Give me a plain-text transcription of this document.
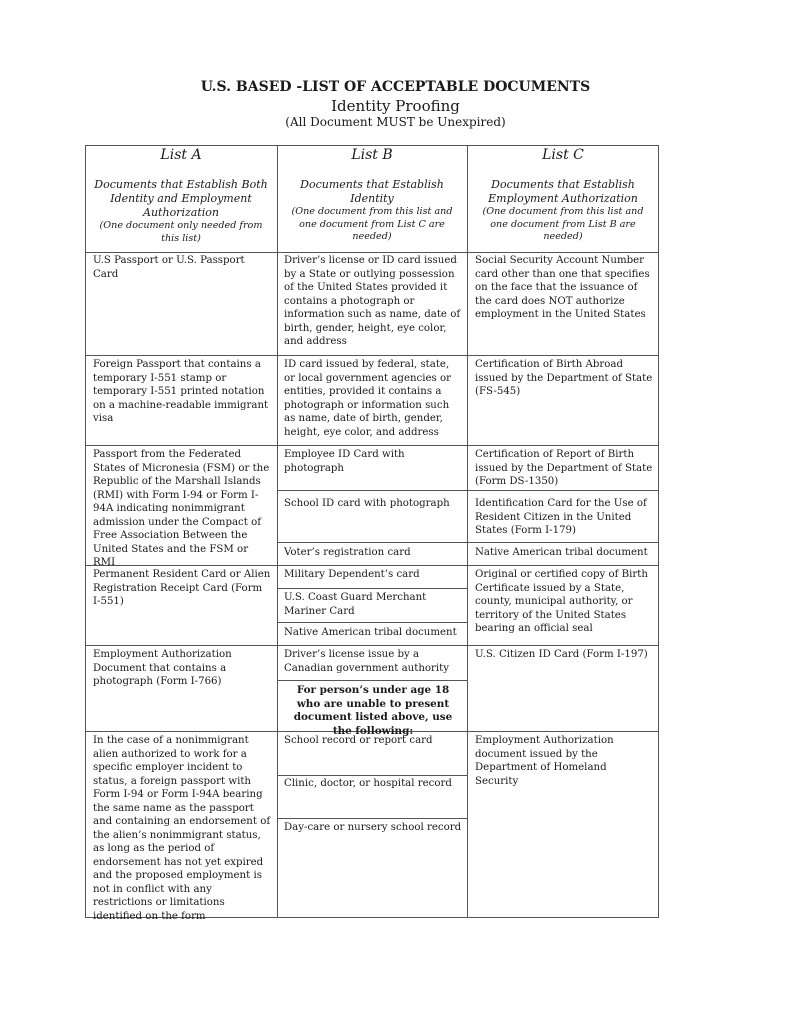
U.S. BASED -LIST OF ACCEPTABLE DOCUMENTS
Identity Proofing
(All Document MUST be Unexpired)
List A
Documents that Establish Both Identity and Employment Authorization
(One document only needed from this list)
List B
Documents that Establish Identity
(One document from this list and one document from List C are needed)
List C
Documents that Establish Employment Authorization
(One document from this list and one document from List B are needed)
U.S Passport or U.S. Passport Card
Foreign Passport that contains a temporary I-551 stamp or temporary I-551 printed notation on a machine-readable immigrant visa
Passport from the Federated States of Micronesia (FSM) or the Republic of the Marshall Islands (RMI) with Form I-94 or Form I-94A indicating nonimmigrant admission under the Compact of Free Association Between the United States and the FSM or RMI
Permanent Resident Card or Alien Registration Receipt Card (Form I-551)
Employment Authorization Document that contains a photograph (Form I-766)
In the case of a nonimmigrant alien authorized to work for a specific employer incident to status, a foreign passport with Form I-94 or Form I-94A bearing the same name as the passport and containing an endorsement of the alien’s nonimmigrant status, as long as the period of endorsement has not yet expired and the proposed employment is not in conflict with any restrictions or limitations identified on the form
Driver’s license or ID card issued by a State or outlying possession of the United States provided it contains a photograph or information such as name, date of birth, gender, height, eye color, and address
ID card issued by federal, state, or local government agencies or entities, provided it contains a photograph or information such as name, date of birth, gender, height, eye color, and address
Employee ID Card with photograph
School ID card with photograph
Voter’s registration card
Military Dependent’s card
U.S. Coast Guard Merchant Mariner Card
Native American tribal document
Driver’s license issue by a Canadian government authority
For person’s under age 18 who are unable to present document listed above, use the following:
School record or report card
Clinic, doctor, or hospital record
Day-care or nursery school record
Social Security Account Number card other than one that specifies on the face that the issuance of the card does NOT authorize employment in the United States
Certification of Birth Abroad issued by the Department of State (FS-545)
Certification of Report of Birth issued by the Department of State (Form DS-1350)
Identification Card for the Use of Resident Citizen in the United States (Form I-179)
Native American tribal document
Original or certified copy of Birth Certificate issued by a State, county, municipal authority, or territory of the United States bearing an official seal
U.S. Citizen ID Card (Form I-197)
Employment Authorization document issued by the Department of Homeland Security
